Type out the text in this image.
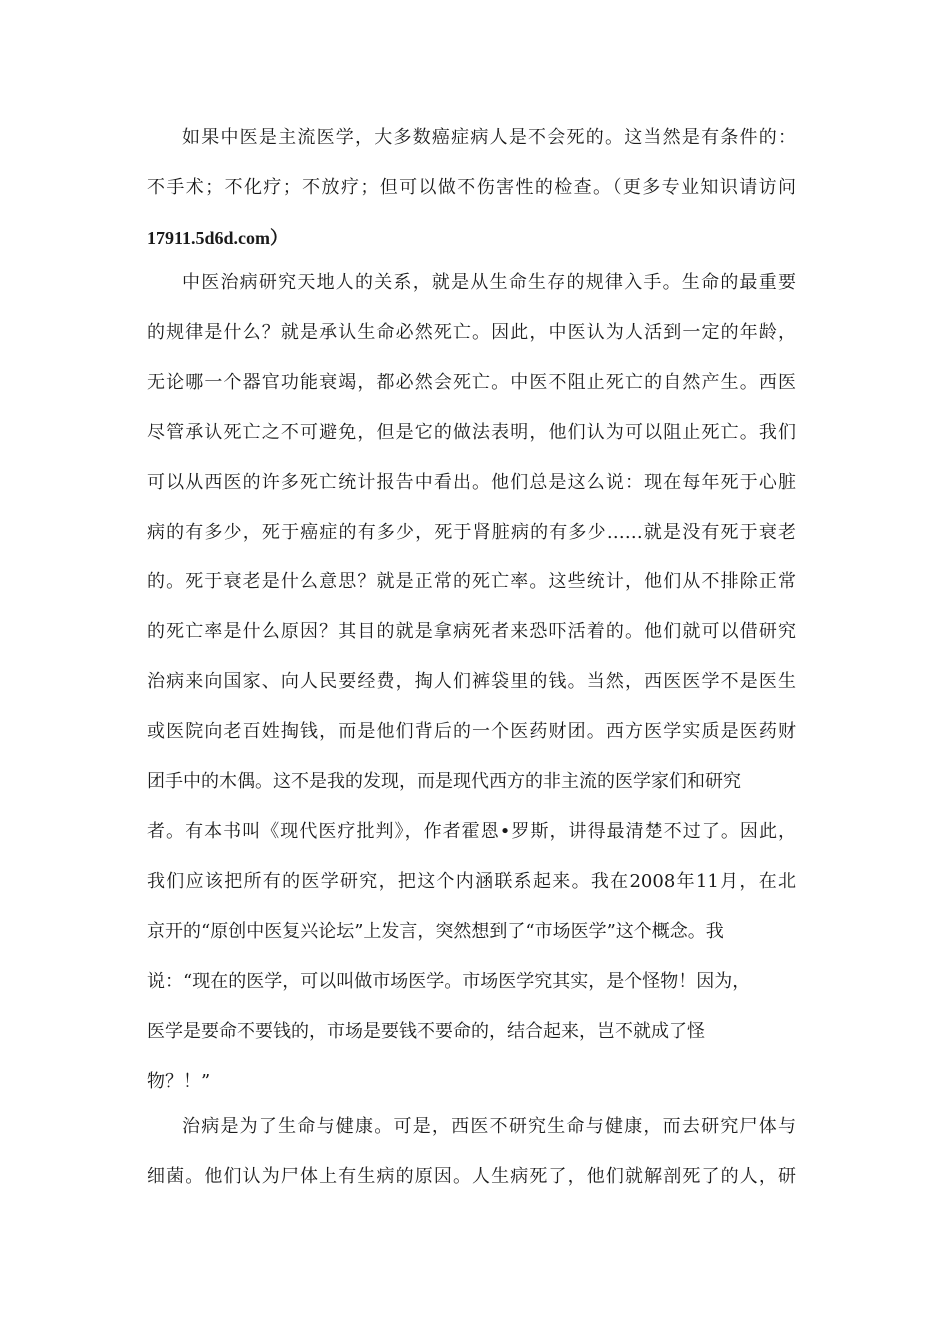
如果中医是主流医学，大多数癌症病人是不会死的。这当然是有条件的：
不手术；不化疗；不放疗；但可以做不伤害性的检查。（更多专业知识请访问
17911.5d6d.com）
中医治病研究天地人的关系，就是从生命生存的规律入手。生命的最重要
的规律是什么？就是承认生命必然死亡。因此，中医认为人活到一定的年龄，
无论哪一个器官功能衰竭，都必然会死亡。中医不阻止死亡的自然产生。西医
尽管承认死亡之不可避免，但是它的做法表明，他们认为可以阻止死亡。我们
可以从西医的许多死亡统计报告中看出。他们总是这么说：现在每年死于心脏
病的有多少，死于癌症的有多少，死于肾脏病的有多少……就是没有死于衰老
的。死于衰老是什么意思？就是正常的死亡率。这些统计，他们从不排除正常
的死亡率是什么原因？其目的就是拿病死者来恐吓活着的。他们就可以借研究
治病来向国家、向人民要经费，掏人们裤袋里的钱。当然，西医医学不是医生
或医院向老百姓掏钱，而是他们背后的一个医药财团。西方医学实质是医药财
团手中的木偶。这不是我的发现，而是现代西方的非主流的医学家们和研究
者。有本书叫《现代医疗批判》，作者霍恩•罗斯，讲得最清楚不过了。因此，
我们应该把所有的医学研究，把这个内涵联系起来。我在2008年11月，在北
京开的“原创中医复兴论坛”上发言，突然想到了“市场医学”这个概念。我
说：“现在的医学，可以叫做市场医学。市场医学究其实，是个怪物！因为，
医学是要命不要钱的，市场是要钱不要命的，结合起来，岂不就成了怪
物？！”
治病是为了生命与健康。可是，西医不研究生命与健康，而去研究尸体与
细菌。他们认为尸体上有生病的原因。人生病死了，他们就解剖死了的人，研
